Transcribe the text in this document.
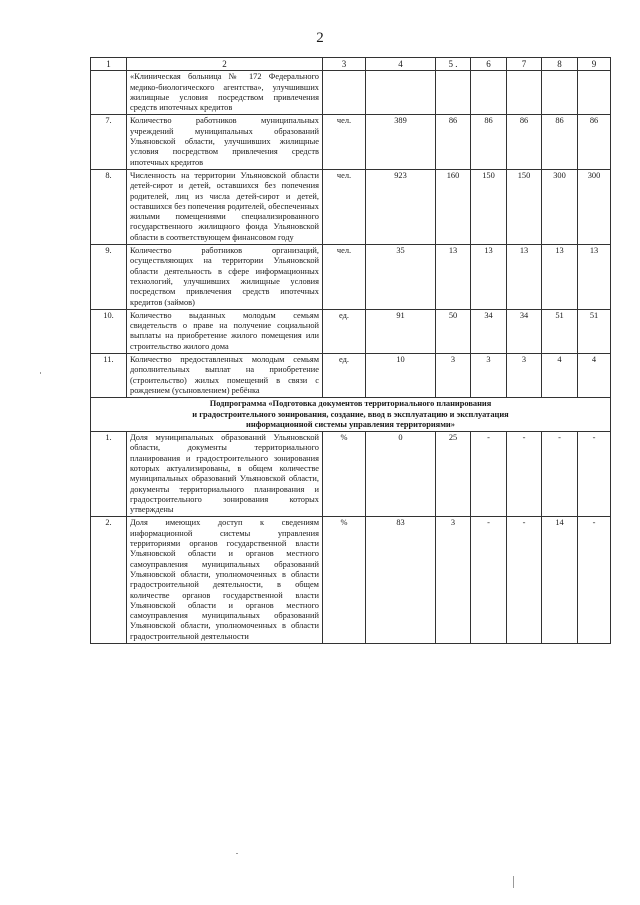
2
1	2	3	4	5 .	6	7	8	9
	«Клиническая больница № 172 Федерального медико-биологического агентства», улучшивших жилищные условия посредством привлечения средств ипотечных кредитов							
7.	Количество работников муниципальных учреждений муниципальных образований Ульяновской области, улучшивших жилищные условия посредством привлечения средств ипотечных кредитов	чел.	389	86	86	86	86	86
8.	Численность на территории Ульяновской области детей-сирот и детей, оставшихся без попечения родителей, лиц из числа детей-сирот и детей, оставшихся без попечения родителей, обеспеченных жилыми помещениями специализированного государственного жилищного фонда Ульяновской области в соответствующем финансовом году	чел.	923	160	150	150	300	300
9.	Количество работников организаций, осуществляющих на территории Ульяновской области деятельность в сфере информационных технологий, улучшивших жилищные условия посредством привлечения средств ипотечных кредитов (займов)	чел.	35	13	13	13	13	13
10.	Количество выданных молодым семьям свидетельств о праве на получение социальной выплаты на приобретение жилого помещения или строительство жилого дома	ед.	91	50	34	34	51	51
11.	Количество предоставленных молодым семьям дополнительных выплат на приобретение (строительство) жилых помещений в связи с рождением (усыновлением) ребёнка	ед.	10	3	3	3	4	4

Подпрограмма «Подготовка документов территориального планирования
и градостроительного зонирования, создание, ввод в эксплуатацию и эксплуатация
информационной системы управления территориями»								

1.	Доля муниципальных образований Ульяновской области, документы территориального планирования и градостроительного зонирования которых актуализированы, в общем количестве муниципальных образований Ульяновской области, документы территориального планирования и градостроительного зонирования которых утверждены	%	0	25	-	-	-	-
2.	Доля имеющих доступ к сведениям информационной системы управления территориями органов государственной власти Ульяновской области и органов местного самоуправления муниципальных образований Ульяновской области, уполномоченных в области градостроительной деятельности, в общем количестве органов государственной власти Ульяновской области и органов местного самоуправления муниципальных образований Ульяновской области, уполномоченных в области градостроительной деятельности	%	83	3	-	-	14	-
